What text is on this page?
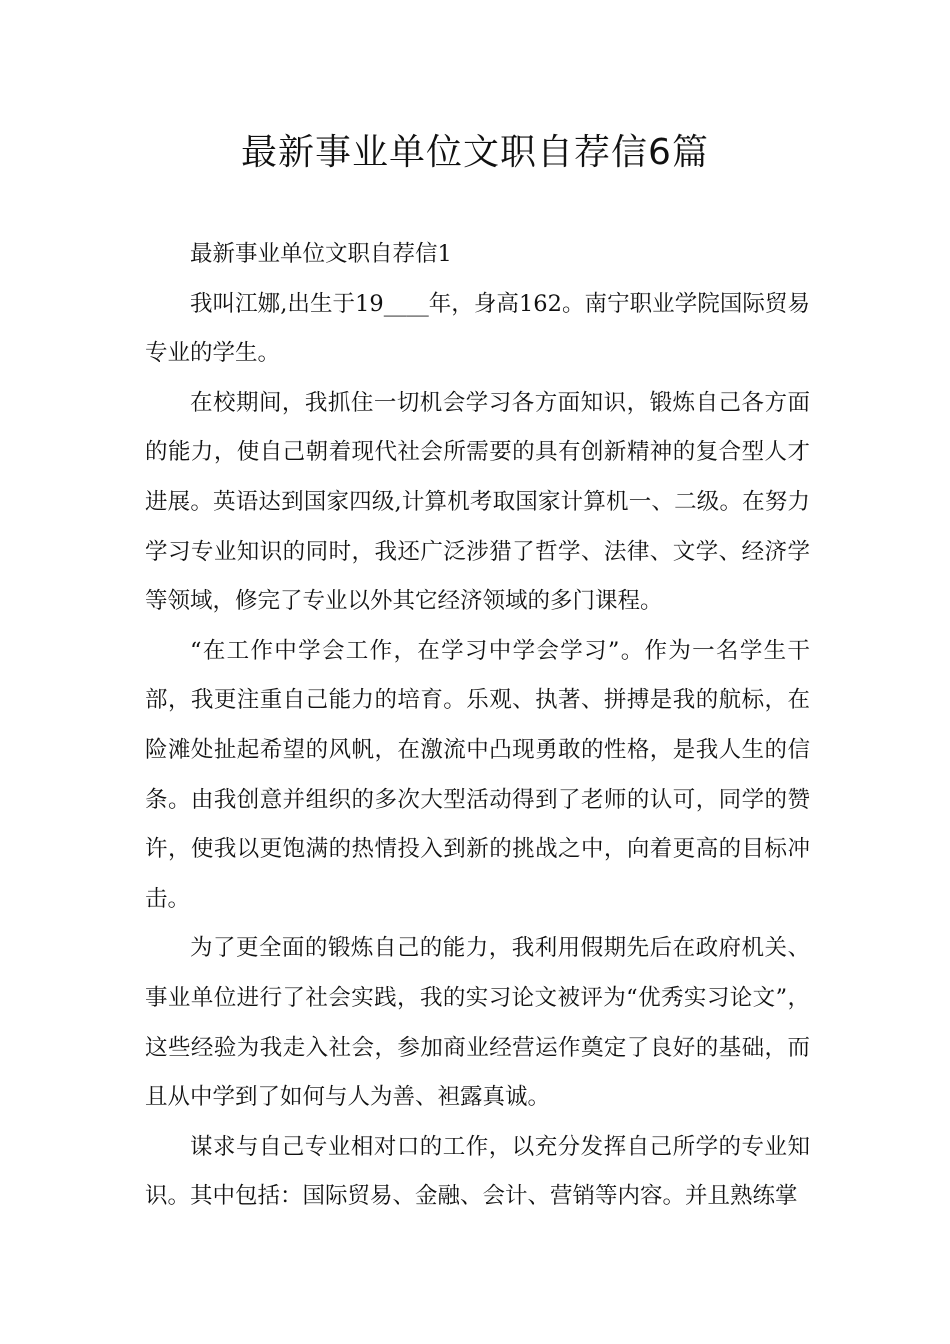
最新事业单位文职自荐信6篇

最新事业单位文职自荐信1

我叫江娜,出生于19____年，身高162。南宁职业学院国际贸易专业的学生。

在校期间，我抓住一切机会学习各方面知识，锻炼自己各方面的能力，使自己朝着现代社会所需要的具有创新精神的复合型人才进展。英语达到国家四级,计算机考取国家计算机一、二级。在努力学习专业知识的同时，我还广泛涉猎了哲学、法律、文学、经济学等领域，修完了专业以外其它经济领域的多门课程。

“在工作中学会工作，在学习中学会学习”。作为一名学生干部，我更注重自己能力的培育。乐观、执著、拼搏是我的航标，在险滩处扯起希望的风帆，在激流中凸现勇敢的性格，是我人生的信条。由我创意并组织的多次大型活动得到了老师的认可，同学的赞许，使我以更饱满的热情投入到新的挑战之中，向着更高的目标冲击。

为了更全面的锻炼自己的能力，我利用假期先后在政府机关、事业单位进行了社会实践，我的实习论文被评为“优秀实习论文”，这些经验为我走入社会，参加商业经营运作奠定了良好的基础，而且从中学到了如何与人为善、袒露真诚。

谋求与自己专业相对口的工作，以充分发挥自己所学的专业知识。其中包括：国际贸易、金融、会计、营销等内容。并且熟练掌
